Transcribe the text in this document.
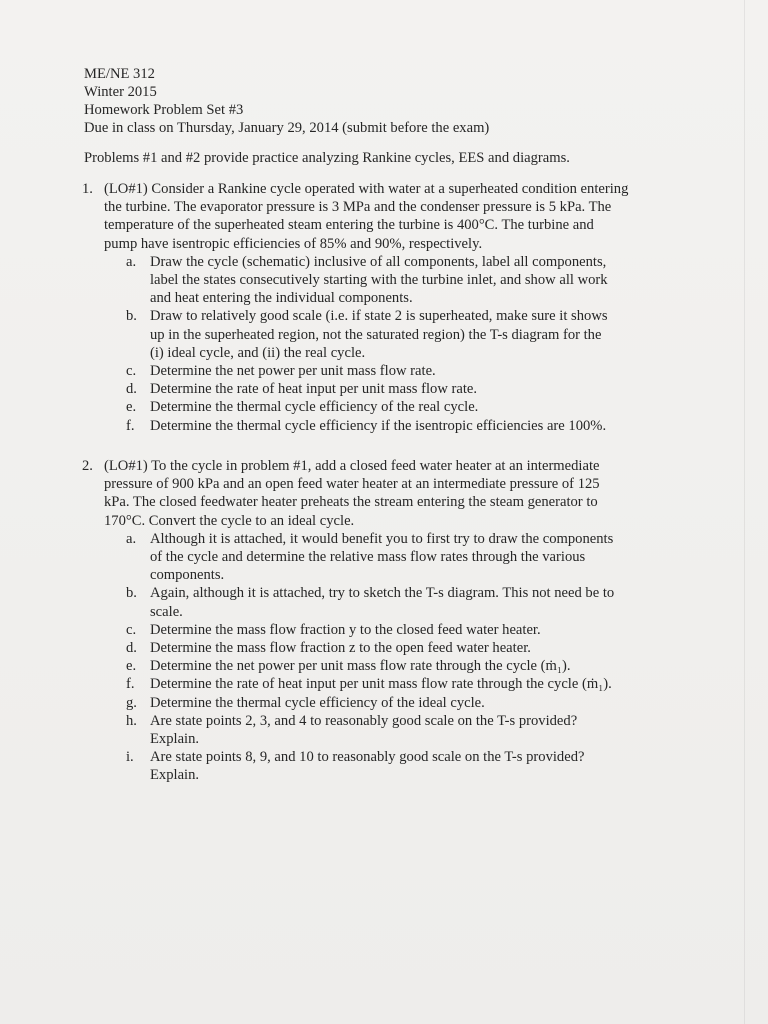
ME/NE 312
Winter 2015
Homework Problem Set #3
Due in class on Thursday, January 29, 2014 (submit before the exam)
Problems #1 and #2 provide practice analyzing Rankine cycles, EES and diagrams.
1. (LO#1) Consider a Rankine cycle operated with water at a superheated condition entering
the turbine. The evaporator pressure is 3 MPa and the condenser pressure is 5 kPa. The
temperature of the superheated steam entering the turbine is 400°C. The turbine and
pump have isentropic efficiencies of 85% and 90%, respectively.
a. Draw the cycle (schematic) inclusive of all components, label all components,
label the states consecutively starting with the turbine inlet, and show all work
and heat entering the individual components.
b. Draw to relatively good scale (i.e. if state 2 is superheated, make sure it shows
up in the superheated region, not the saturated region) the T-s diagram for the
(i) ideal cycle, and (ii) the real cycle.
c. Determine the net power per unit mass flow rate.
d. Determine the rate of heat input per unit mass flow rate.
e. Determine the thermal cycle efficiency of the real cycle.
f. Determine the thermal cycle efficiency if the isentropic efficiencies are 100%.
2. (LO#1) To the cycle in problem #1, add a closed feed water heater at an intermediate
pressure of 900 kPa and an open feed water heater at an intermediate pressure of 125
kPa. The closed feedwater heater preheats the stream entering the steam generator to
170°C. Convert the cycle to an ideal cycle.
a. Although it is attached, it would benefit you to first try to draw the components
of the cycle and determine the relative mass flow rates through the various
components.
b. Again, although it is attached, try to sketch the T-s diagram. This not need be to
scale.
c. Determine the mass flow fraction y to the closed feed water heater.
d. Determine the mass flow fraction z to the open feed water heater.
e. Determine the net power per unit mass flow rate through the cycle (ṁ₁).
f. Determine the rate of heat input per unit mass flow rate through the cycle (ṁ₁).
g. Determine the thermal cycle efficiency of the ideal cycle.
h. Are state points 2, 3, and 4 to reasonably good scale on the T-s provided?
Explain.
i. Are state points 8, 9, and 10 to reasonably good scale on the T-s provided?
Explain.
